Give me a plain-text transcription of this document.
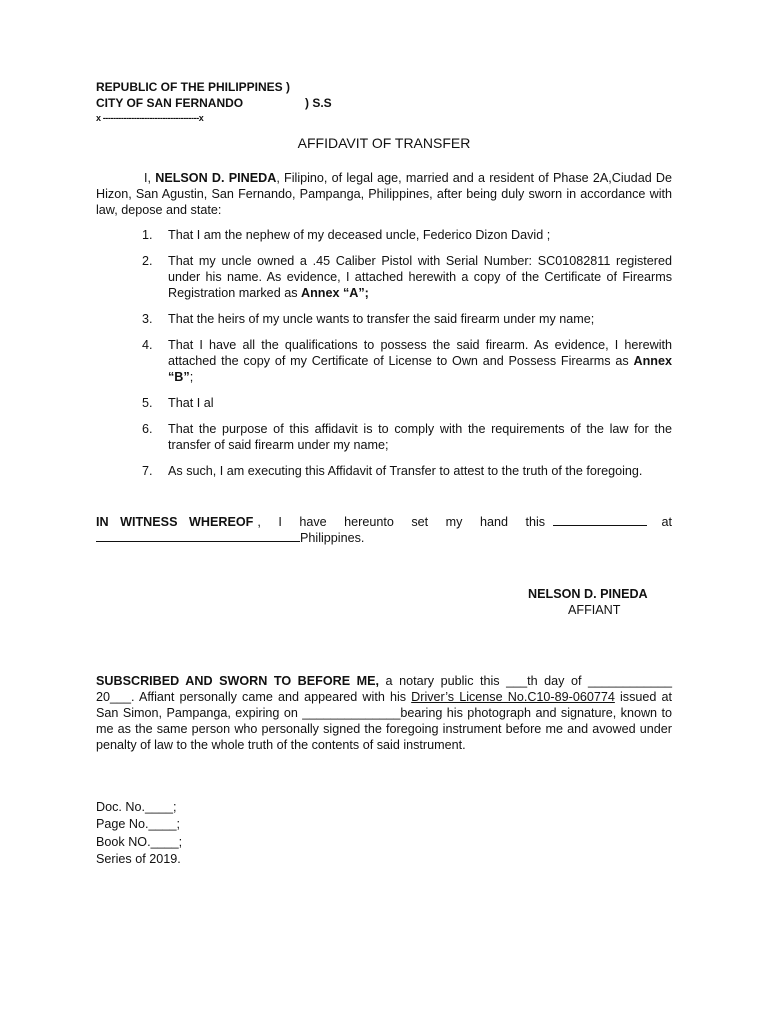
REPUBLIC OF THE PHILIPPINES )
CITY OF SAN FERNANDO	) S.S
x -------------------------------------x
AFFIDAVIT OF TRANSFER
I, NELSON D. PINEDA, Filipino, of legal age, married and a resident of Phase 2A,Ciudad De Hizon, San Agustin, San Fernando, Pampanga, Philippines, after being duly sworn in accordance with law, depose and state:
1.	That I am the nephew of my deceased uncle, Federico Dizon David ;
2.	That my uncle owned a .45 Caliber Pistol with Serial Number: SC01082811 registered under his name. As evidence, I attached herewith a copy of the Certificate of Firearms Registration marked as Annex “A”;
3.	That the heirs of my uncle wants to transfer the said firearm under my name;
4.	That I have all the qualifications to possess the said firearm. As evidence, I herewith attached the copy of my Certificate of License to Own and Possess Firearms as Annex “B”;
5.	That I al
6.	That the purpose of this affidavit is to comply with the requirements of the law for the transfer of said firearm under my name;
7.	As such, I am executing this Affidavit of Transfer to attest to the truth of the foregoing.
IN WITNESS WHEREOF , I have hereunto set my hand this	at
Philippines.
NELSON D. PINEDA
AFFIANT
SUBSCRIBED AND SWORN TO BEFORE ME, a notary public this ___th day of ____________ 20___. Affiant personally came and appeared with his Driver’s License No.C10-89-060774 issued at San Simon, Pampanga, expiring on ______________bearing his photograph and signature, known to me as the same person who personally signed the foregoing instrument before me and avowed under penalty of law to the whole truth of the contents of said instrument.
Doc. No.____;
Page No.____;
Book NO.____;
Series of 2019.
